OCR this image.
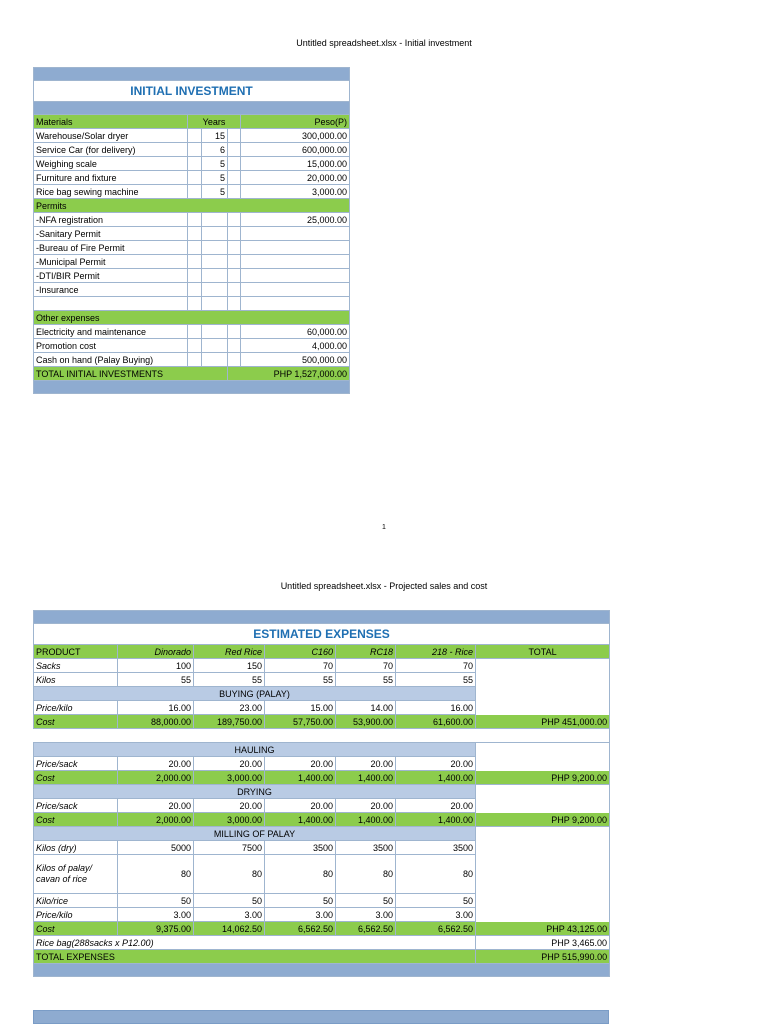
Untitled spreadsheet.xlsx - Initial investment

INITIAL INVESTMENT				

Materials	Years			Peso(P)
Warehouse/Solar dryer		15		300,000.00
Service Car (for delivery)		6		600,000.00
Weighing scale		5		15,000.00
Furniture and fixture		5		20,000.00
Rice bag sewing machine		5		3,000.00
Permits				
-NFA registration				25,000.00
-Sanitary Permit				
-Bureau of Fire Permit				
-Municipal Permit				
-DTI/BIR Permit				
-Insurance				

Other expenses				
Electricity and maintenance				60,000.00
Promotion cost				4,000.00
Cash on hand (Palay Buying)				500,000.00
TOTAL INITIAL INVESTMENTS			PHP 1,527,000.00	

1
Untitled spreadsheet.xlsx - Projected sales and cost

ESTIMATED EXPENSES						
PRODUCT	Dinorado	Red Rice	C160	RC18	218 - Rice	TOTAL
Sacks	100	150	70	70	70	
Kilos	55	55	55	55	55	
BUYING (PALAY)						
Price/kilo	16.00	23.00	15.00	14.00	16.00	
Cost	88,000.00	189,750.00	57,750.00	53,900.00	61,600.00	PHP 451,000.00

HAULING						
Price/sack	20.00	20.00	20.00	20.00	20.00	
Cost	2,000.00	3,000.00	1,400.00	1,400.00	1,400.00	PHP 9,200.00
DRYING						
Price/sack	20.00	20.00	20.00	20.00	20.00	
Cost	2,000.00	3,000.00	1,400.00	1,400.00	1,400.00	PHP 9,200.00
MILLING OF PALAY						
Kilos (dry)	5000	7500	3500	3500	3500	

Kilos of palay/
cavan of rice	80	80	80	80	80	
Kilo/rice	50	50	50	50	50	
Price/kilo	3.00	3.00	3.00	3.00	3.00	
Cost	9,375.00	14,062.50	6,562.50	6,562.50	6,562.50	PHP 43,125.00
Rice bag(288sacks x P12.00)						PHP 3,465.00
TOTAL EXPENSES						PHP 515,990.00
